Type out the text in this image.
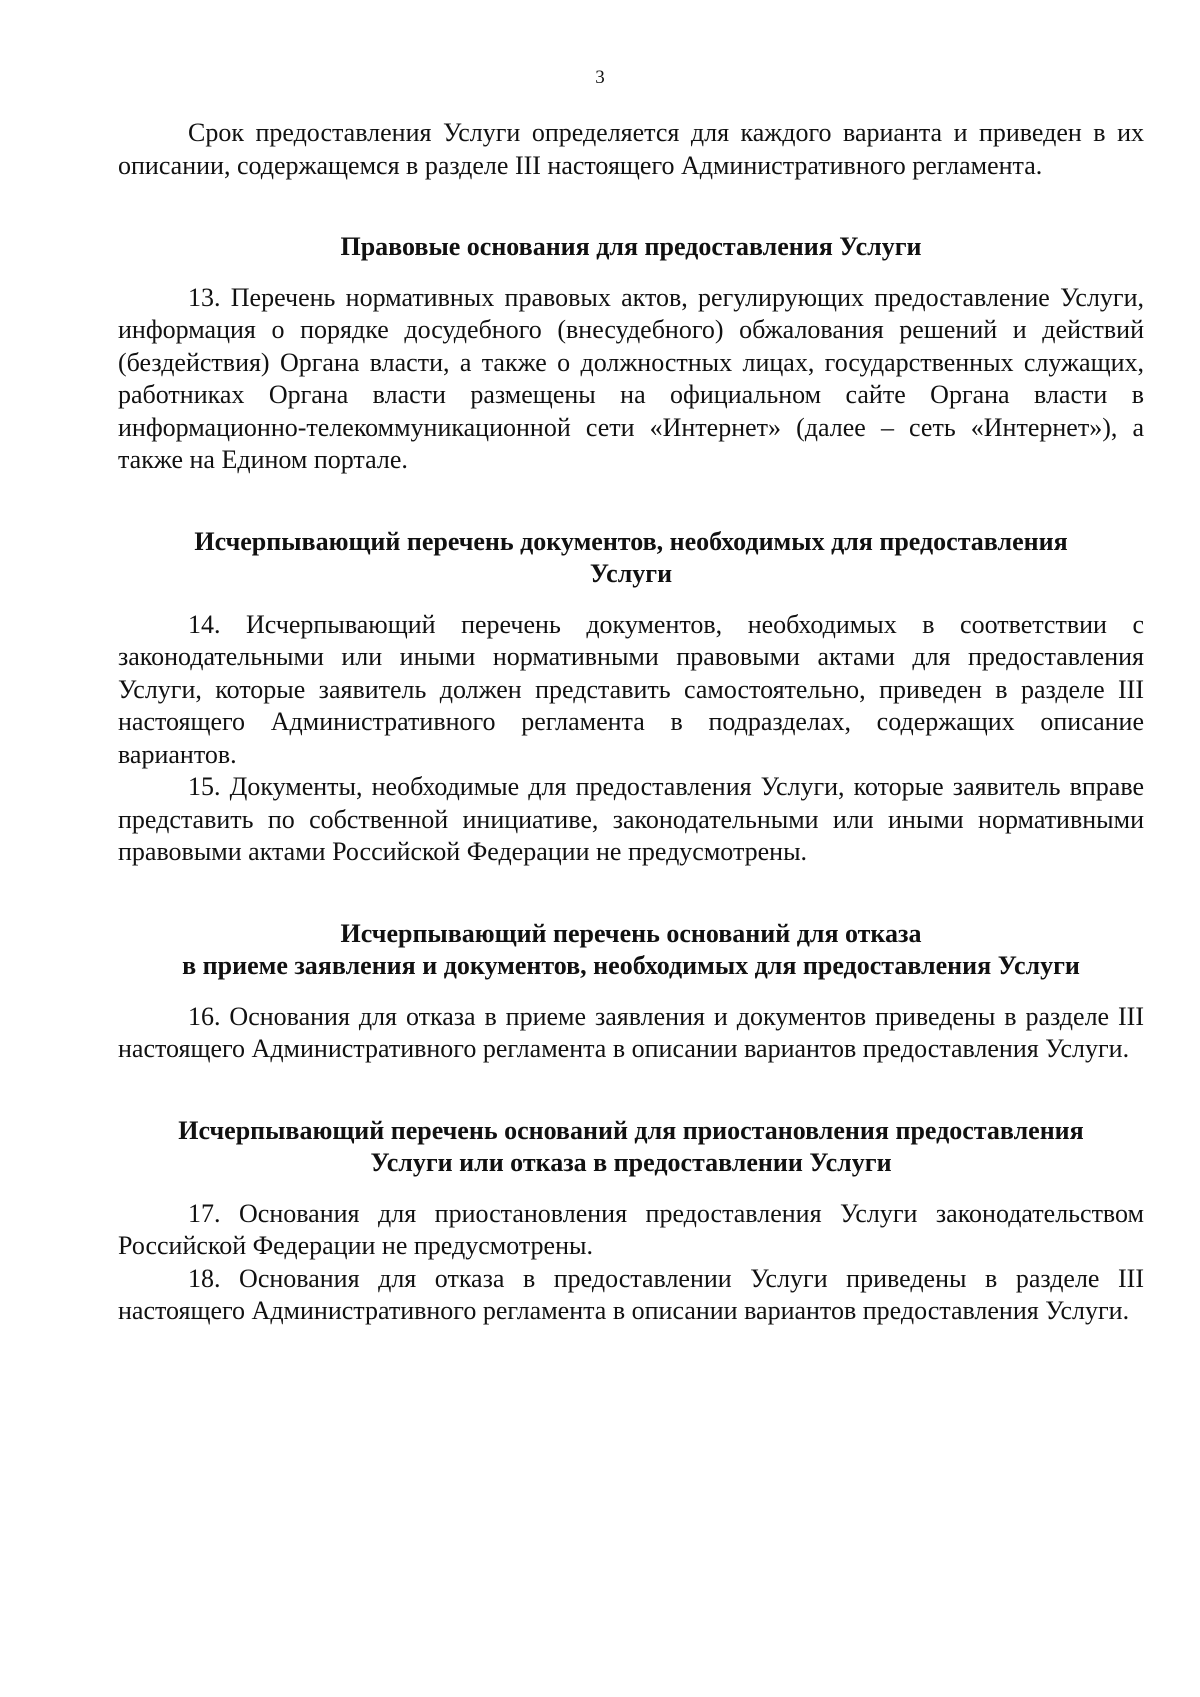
3

Срок предоставления Услуги определяется для каждого варианта и приведен в их описании, содержащемся в разделе III настоящего Административного регламента.

Правовые основания для предоставления Услуги

13. Перечень нормативных правовых актов, регулирующих предоставление Услуги, информация о порядке досудебного (внесудебного) обжалования решений и действий (бездействия) Органа власти, а также о должностных лицах, государственных служащих, работниках Органа власти размещены на официальном сайте Органа власти в информационно-телекоммуникационной сети «Интернет» (далее – сеть «Интернет»), а также на Едином портале.

Исчерпывающий перечень документов, необходимых для предоставления
Услуги

14. Исчерпывающий перечень документов, необходимых в соответствии с законодательными или иными нормативными правовыми актами для предоставления Услуги, которые заявитель должен представить самостоятельно, приведен в разделе III настоящего Административного регламента в подразделах, содержащих описание вариантов.

15. Документы, необходимые для предоставления Услуги, которые заявитель вправе представить по собственной инициативе, законодательными или иными нормативными правовыми актами Российской Федерации не предусмотрены.

Исчерпывающий перечень оснований для отказа
в приеме заявления и документов, необходимых для предоставления Услуги

16. Основания для отказа в приеме заявления и документов приведены в разделе III настоящего Административного регламента в описании вариантов предоставления Услуги.

Исчерпывающий перечень оснований для приостановления предоставления
Услуги или отказа в предоставлении Услуги

17. Основания для приостановления предоставления Услуги законодательством Российской Федерации не предусмотрены.

18. Основания для отказа в предоставлении Услуги приведены в разделе III настоящего Административного регламента в описании вариантов предоставления Услуги.
